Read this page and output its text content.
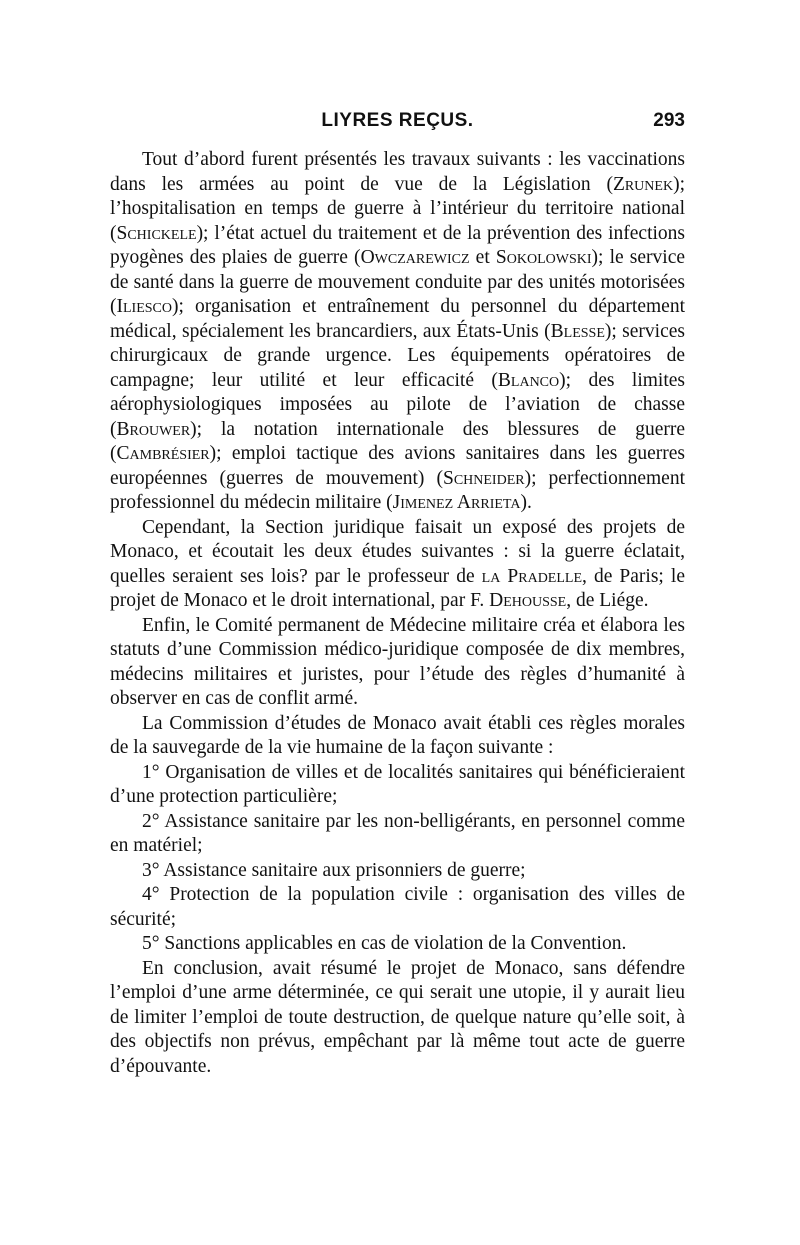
LIYRES REÇUS.	293

Tout d’abord furent présentés les travaux suivants : les vaccinations dans les armées au point de vue de la Législation (Zrunek); l’hospitalisation en temps de guerre à l’intérieur du territoire national (Schickele); l’état actuel du traitement et de la prévention des infections pyogènes des plaies de guerre (Owczarewicz et Sokolowski); le service de santé dans la guerre de mouvement conduite par des unités motorisées (Iliesco); organisation et entraînement du personnel du département médical, spécialement les brancardiers, aux États-Unis (Blesse); services chirurgicaux de grande urgence. Les équipements opératoires de campagne; leur utilité et leur efficacité (Blanco); des limites aérophysiologiques imposées au pilote de l’aviation de chasse (Brouwer); la notation internationale des blessures de guerre (Cambrésier); emploi tactique des avions sanitaires dans les guerres européennes (guerres de mouvement) (Schneider); perfectionnement professionnel du médecin militaire (Jimenez Arrieta).

Cependant, la Section juridique faisait un exposé des projets de Monaco, et écoutait les deux études suivantes : si la guerre éclatait, quelles seraient ses lois? par le professeur de la Pradelle, de Paris; le projet de Monaco et le droit international, par F. Dehousse, de Liége.

Enfin, le Comité permanent de Médecine militaire créa et élabora les statuts d’une Commission médico-juridique composée de dix membres, médecins militaires et juristes, pour l’étude des règles d’humanité à observer en cas de conflit armé.

La Commission d’études de Monaco avait établi ces règles morales de la sauvegarde de la vie humaine de la façon suivante :

1° Organisation de villes et de localités sanitaires qui bénéficieraient d’une protection particulière;

2° Assistance sanitaire par les non-belligérants, en personnel comme en matériel;

3° Assistance sanitaire aux prisonniers de guerre;

4° Protection de la population civile : organisation des villes de sécurité;

5° Sanctions applicables en cas de violation de la Convention.

En conclusion, avait résumé le projet de Monaco, sans défendre l’emploi d’une arme déterminée, ce qui serait une utopie, il y aurait lieu de limiter l’emploi de toute destruction, de quelque nature qu’elle soit, à des objectifs non prévus, empêchant par là même tout acte de guerre d’épouvante.
